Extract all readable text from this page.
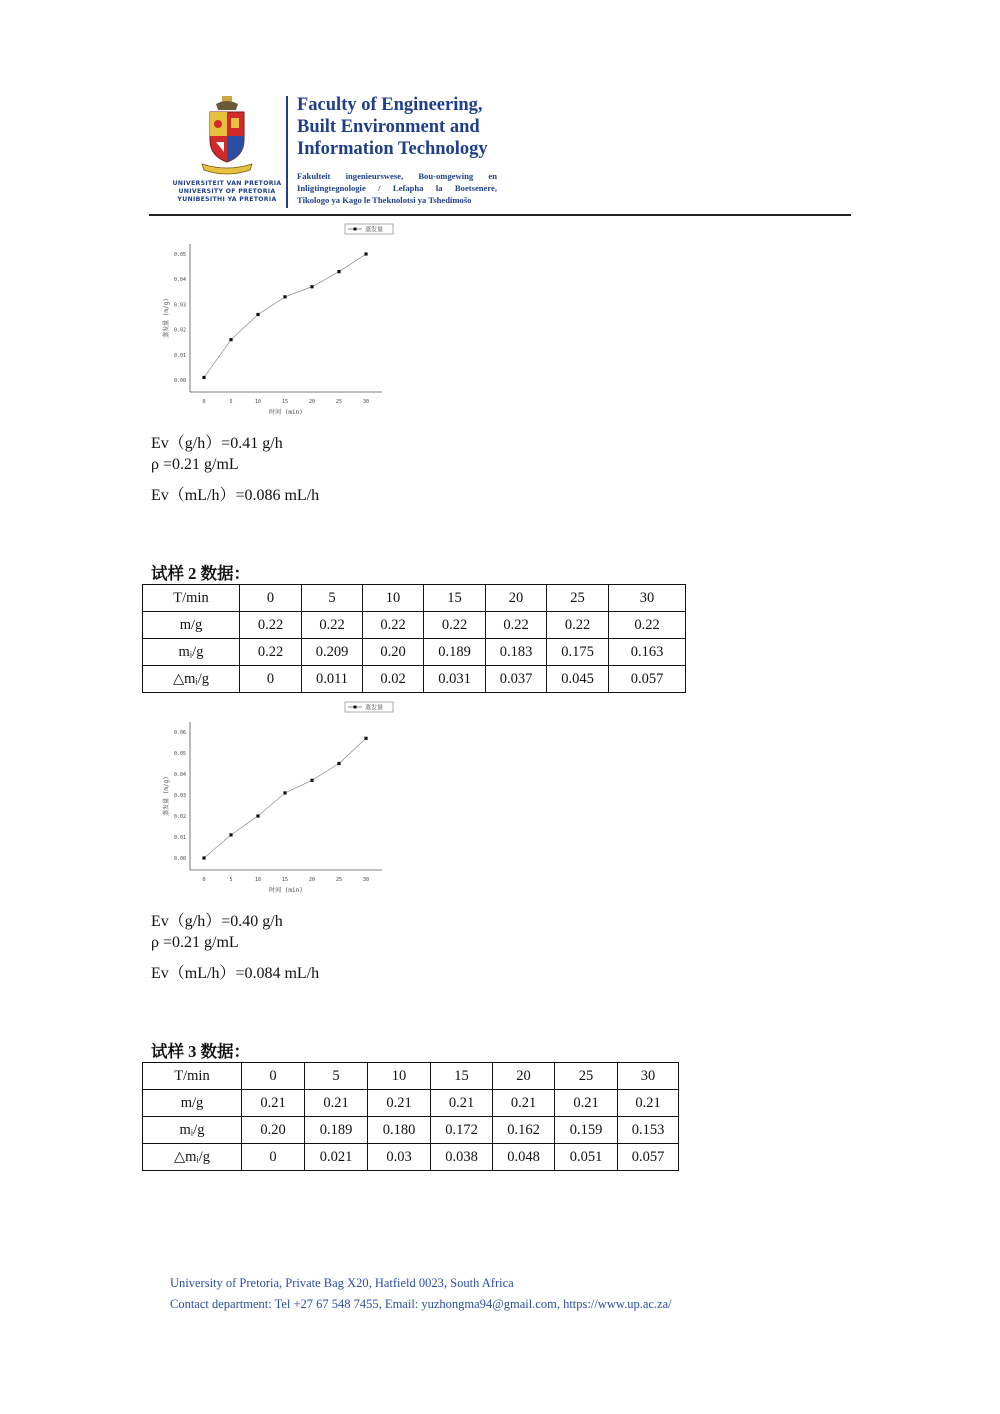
UNIVERSITEIT VAN PRETORIA
UNIVERSITY OF PRETORIA
YUNIBESITHI YA PRETORIA
Faculty of Engineering,
Built Environment and
Information Technology
Fakulteit ingenieurswese, Bou-omgewing en
Inligtingtegnologie / Lefapha la Boetsenere,
Tikologo ya Kago le Theknolotsi ya Tshedimošo
0.00
0.01
0.02
0.03
0.04
0.05
0	5	10	15	20	25	30
时间 (min)
蒸发量 (m/g)
蒸发量
Ev（g/h）=0.41 g/h
ρ =0.21 g/mL
Ev（mL/h）=0.086 mL/h
试样 2 数据：
T/min	0	5	10	15	20	25	30
m/g	0.22	0.22	0.22	0.22	0.22	0.22	0.22
mᵢ/g	0.22	0.209	0.20	0.189	0.183	0.175	0.163
△mᵢ/g	0	0.011	0.02	0.031	0.037	0.045	0.057
0.00
0.01
0.02
0.03
0.04
0.05
0.06
0	5	10	15	20	25	30
时间 (min)
蒸发量 (m/g)
蒸发量
Ev（g/h）=0.40 g/h
ρ =0.21 g/mL
Ev（mL/h）=0.084 mL/h
试样 3 数据：
T/min	0	5	10	15	20	25	30
m/g	0.21	0.21	0.21	0.21	0.21	0.21	0.21
mᵢ/g	0.20	0.189	0.180	0.172	0.162	0.159	0.153
△mᵢ/g	0	0.021	0.03	0.038	0.048	0.051	0.057
University of Pretoria, Private Bag X20, Hatfield 0023, South Africa
Contact department: Tel +27 67 548 7455, Email: yuzhongma94@gmail.com, https://www.up.ac.za/
